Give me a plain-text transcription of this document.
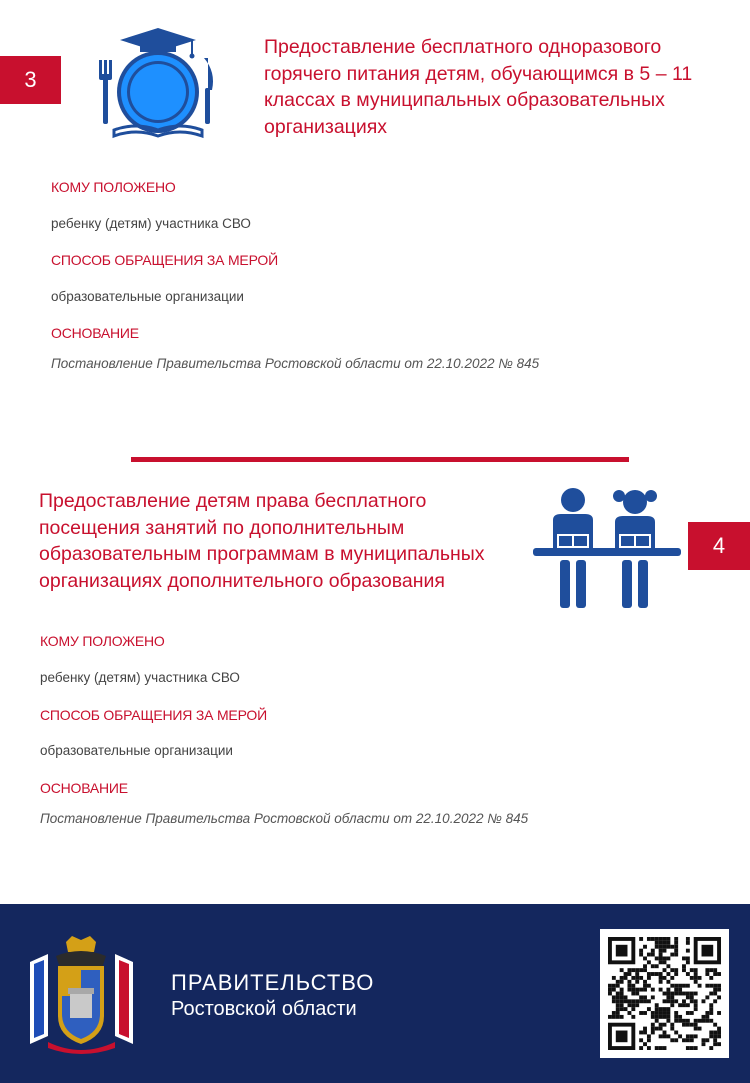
3
Предоставление бесплатного одноразового
горячего питания детям, обучающимся в 5 – 11
классах в муниципальных образовательных
организациях
КОМУ ПОЛОЖЕНО
ребенку (детям) участника СВО
СПОСОБ ОБРАЩЕНИЯ ЗА МЕРОЙ
образовательные организации
ОСНОВАНИЕ
Постановление Правительства Ростовской области от 22.10.2022 № 845
Предоставление детям права бесплатного
посещения занятий по дополнительным
образовательным программам в муниципальных
организациях дополнительного образования
4
КОМУ ПОЛОЖЕНО
ребенку (детям) участника СВО
СПОСОБ ОБРАЩЕНИЯ ЗА МЕРОЙ
образовательные организации
ОСНОВАНИЕ
Постановление Правительства Ростовской области от 22.10.2022 № 845
ПРАВИТЕЛЬСТВО
Ростовской области
